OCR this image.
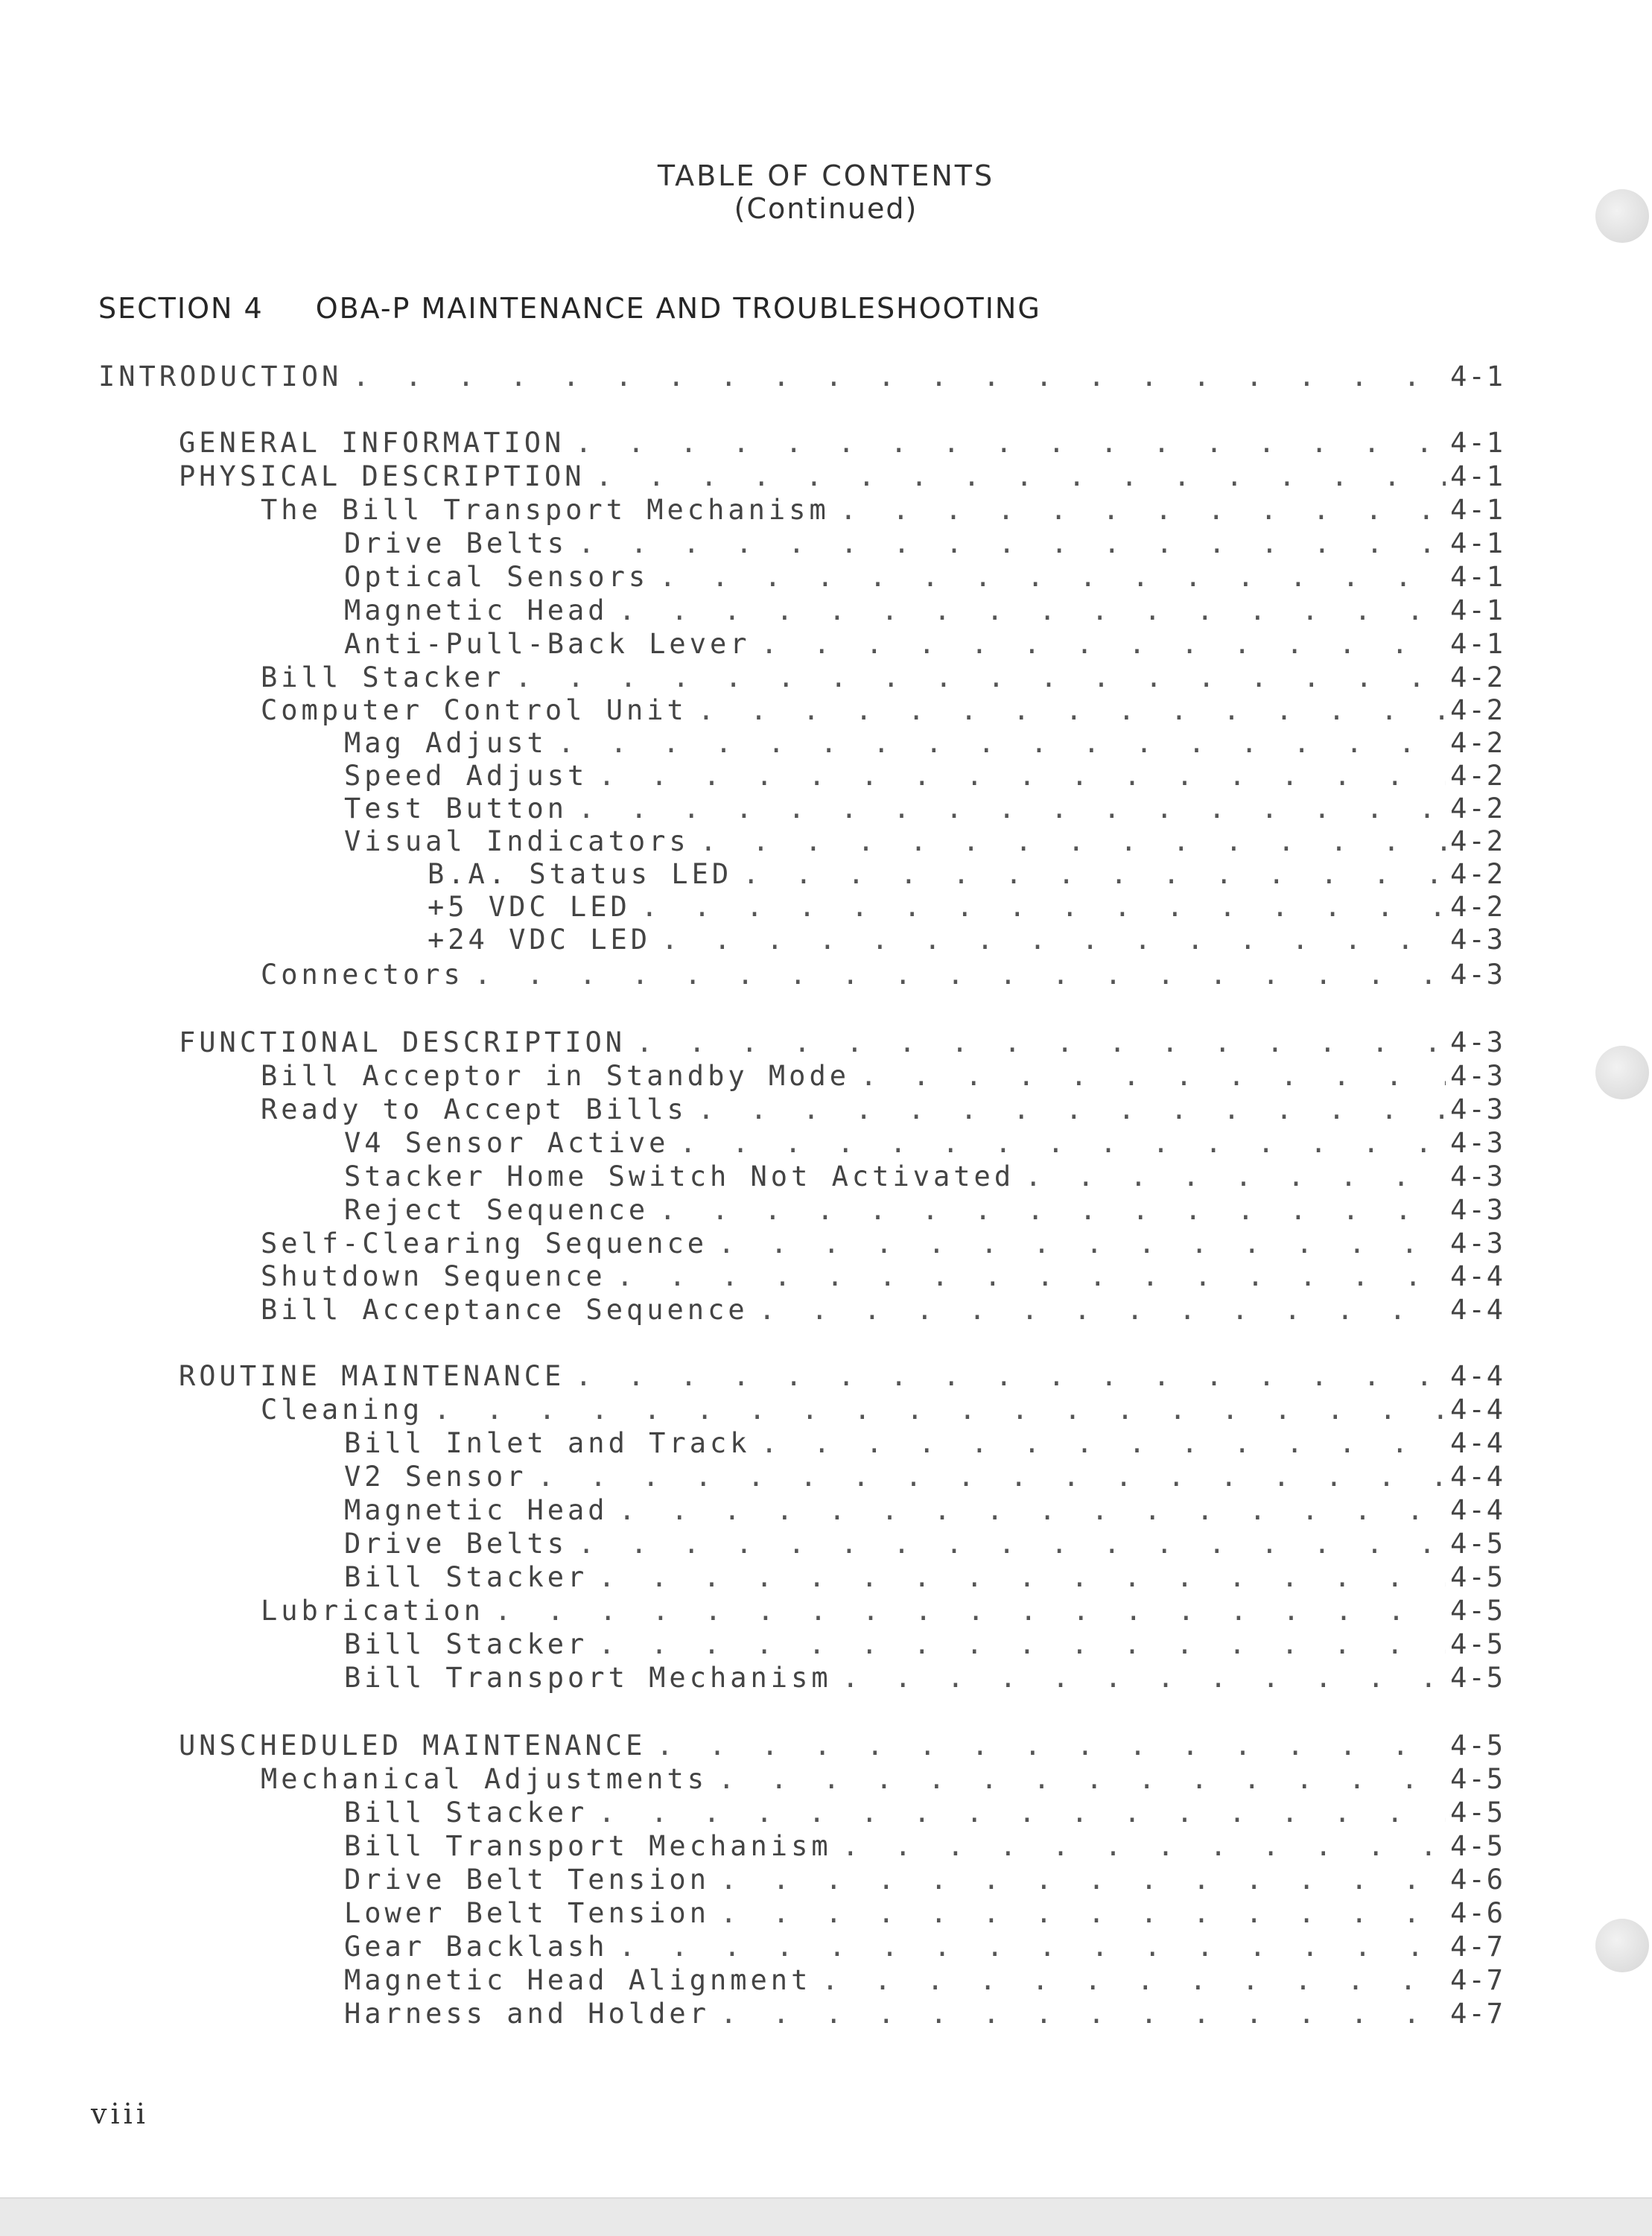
TABLE OF CONTENTS
(Continued)
SECTION 4 OBA-P MAINTENANCE AND TROUBLESHOOTING
INTRODUCTION . . .	4-1
GENERAL INFORMATION . . .	4-1
PHYSICAL DESCRIPTION . . .	4-1
The Bill Transport Mechanism . . .	4-1
Drive Belts . . .	4-1
Optical Sensors . . .	4-1
Magnetic Head . . .	4-1
Anti-Pull-Back Lever . . .	4-1
Bill Stacker . . .	4-2
Computer Control Unit . . .	4-2
Mag Adjust . . .	4-2
Speed Adjust . . .	4-2
Test Button . . .	4-2
Visual Indicators . . .	4-2
B.A. Status LED . . .	4-2
+5 VDC LED . . .	4-2
+24 VDC LED . . .	4-3
Connectors . . .	4-3
FUNCTIONAL DESCRIPTION . . .	4-3
Bill Acceptor in Standby Mode . . .	4-3
Ready to Accept Bills . . .	4-3
V4 Sensor Active . . .	4-3
Stacker Home Switch Not Activated . . .	4-3
Reject Sequence . . .	4-3
Self-Clearing Sequence . . .	4-3
Shutdown Sequence . . .	4-4
Bill Acceptance Sequence . . .	4-4
ROUTINE MAINTENANCE . . .	4-4
Cleaning . . .	4-4
Bill Inlet and Track . . .	4-4
V2 Sensor . . .	4-4
Magnetic Head . . .	4-4
Drive Belts . . .	4-5
Bill Stacker . . .	4-5
Lubrication . . .	4-5
Bill Stacker . . .	4-5
Bill Transport Mechanism . . .	4-5
UNSCHEDULED MAINTENANCE . . .	4-5
Mechanical Adjustments . . .	4-5
Bill Stacker . . .	4-5
Bill Transport Mechanism . . .	4-5
Drive Belt Tension . . .	4-6
Lower Belt Tension . . .	4-6
Gear Backlash . . .	4-7
Magnetic Head Alignment . . .	4-7
Harness and Holder . . .	4-7
viii
